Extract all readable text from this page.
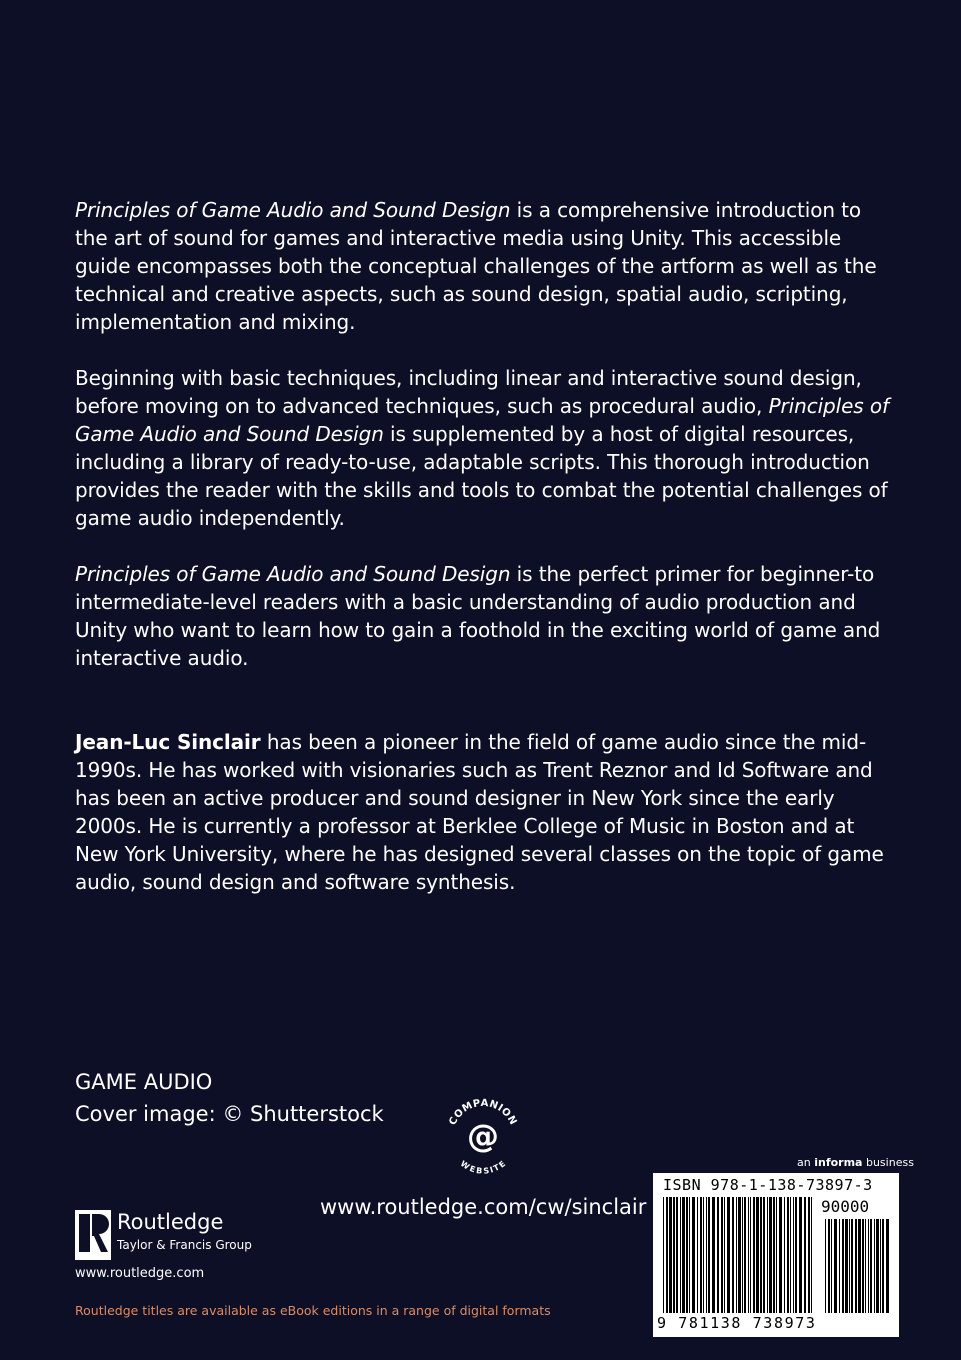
Principles of Game Audio and Sound Design is a comprehensive introduction to the art of sound for games and interactive media using Unity. This accessible guide encompasses both the conceptual challenges of the artform as well as the technical and creative aspects, such as sound design, spatial audio, scripting, implementation and mixing.

Beginning with basic techniques, including linear and interactive sound design, before moving on to advanced techniques, such as procedural audio, Principles of Game Audio and Sound Design is supplemented by a host of digital resources, including a library of ready-to-use, adaptable scripts. This thorough introduction provides the reader with the skills and tools to combat the potential challenges of game audio independently.

Principles of Game Audio and Sound Design is the perfect primer for beginner-to intermediate-level readers with a basic understanding of audio production and Unity who want to learn how to gain a foothold in the exciting world of game and interactive audio.

Jean-Luc Sinclair has been a pioneer in the field of game audio since the mid-1990s. He has worked with visionaries such as Trent Reznor and Id Software and has been an active producer and sound designer in New York since the early 2000s. He is currently a professor at Berklee College of Music in Boston and at New York University, where he has designed several classes on the topic of game audio, sound design and software synthesis.

GAME AUDIO
Cover image: © Shutterstock	COMPANION
@
WEBSITE
www.routledge.com/cw/sinclair
an informa business
ISBN 978-1-138-73897-3
90000
9 781138 738973
Routledge
Taylor & Francis Group
www.routledge.com
Routledge titles are available as eBook editions in a range of digital formats
